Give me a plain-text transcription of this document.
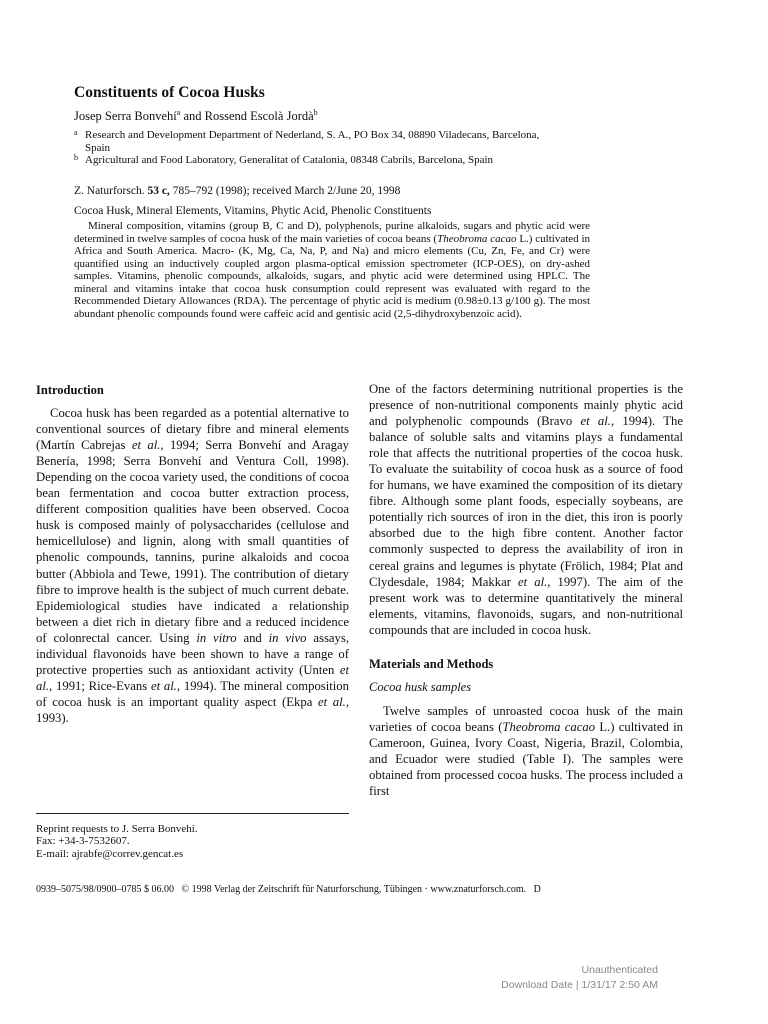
Constituents of Cocoa Husks
Josep Serra Bonvehí$^a$ and Rossend Escolà Jordà$^b$
a Research and Development Department of Nederland, S. A., PO Box 34, 08890 Viladecans, Barcelona, Spain
b Agricultural and Food Laboratory, Generalitat of Catalonia, 08348 Cabrils, Barcelona, Spain
Z. Naturforsch. 53 c, 785–792 (1998); received March 2/June 20, 1998
Cocoa Husk, Mineral Elements, Vitamins, Phytic Acid, Phenolic Constituents

Mineral composition, vitamins (group B, C and D), polyphenols, purine alkaloids, sugars and phytic acid were determined in twelve samples of cocoa husk of the main varieties of cocoa beans (Theobroma cacao L.) cultivated in Africa and South America. Macro- (K, Mg, Ca, Na, P, and Na) and micro elements (Cu, Zn, Fe, and Cr) were quantified using an inductively coupled argon plasma-optical emission spectrometer (ICP-OES), on dry-ashed samples. Vitamins, phenolic compounds, alkaloids, sugars, and phytic acid were determined using HPLC. The mineral and vitamins intake that cocoa husk consumption could represent was evaluated with regard to the Recommended Dietary Allowances (RDA). The percentage of phytic acid is medium (0.98±0.13 g/100 g). The most abundant phenolic compounds found were caffeic acid and gentisic acid (2,5-dihydroxybenzoic acid).

Introduction

Cocoa husk has been regarded as a potential alternative to conventional sources of dietary fibre and mineral elements (Martín Cabrejas et al., 1994; Serra Bonvehí and Aragay Benería, 1998; Serra Bonvehí and Ventura Coll, 1998). Depending on the cocoa variety used, the conditions of cocoa bean fermentation and cocoa butter extraction process, different composition qualities have been observed. Cocoa husk is composed mainly of polysaccharides (cellulose and hemicellulose) and lignin, along with small quantities of phenolic compounds, tannins, purine alkaloids and cocoa butter (Abbiola and Tewe, 1991). The contribution of dietary fibre to improve health is the subject of much current debate. Epidemiological studies have indicated a relationship between a diet rich in dietary fibre and a reduced incidence of colonrectal cancer. Using in vitro and in vivo assays, individual flavonoids have been shown to have a range of protective properties such as antioxidant activity (Unten et al., 1991; Rice-Evans et al., 1994). The mineral composition of cocoa husk is an important quality aspect (Ekpa et al., 1993).

Reprint requests to J. Serra Bonvehí.
Fax: +34-3-7532607.
E-mail: ajrabfe@correv.gencat.es

One of the factors determining nutritional properties is the presence of non-nutritional components mainly phytic acid and polyphenolic compounds (Bravo et al., 1994). The balance of soluble salts and vitamins plays a fundamental role that affects the nutritional properties of the cocoa husk. To evaluate the suitability of cocoa husk as a source of food for humans, we have examined the composition of its dietary fibre. Although some plant foods, especially soybeans, are potentially rich sources of iron in the diet, this iron is poorly absorbed due to the high fibre content. Another factor commonly suspected to depress the availability of iron in cereal grains and legumes is phytate (Frölich, 1984; Plat and Clydesdale, 1984; Makkar et al., 1997). The aim of the present work was to determine quantitatively the mineral elements, vitamins, flavonoids, sugars, and non-nutritional compounds that are included in cocoa husk.

Materials and Methods
Cocoa husk samples

Twelve samples of unroasted cocoa husk of the main varieties of cocoa beans (Theobroma cacao L.) cultivated in Cameroon, Guinea, Ivory Coast, Nigeria, Brazil, Colombia, and Ecuador were studied (Table I). The samples were obtained from processed cocoa husks. The process included a first

0939–5075/98/0900–0785 $ 06.00   © 1998 Verlag der Zeitschrift für Naturforschung, Tübingen · www.znaturforsch.com.   D
Unauthenticated
Download Date | 1/31/17 2:50 AM
